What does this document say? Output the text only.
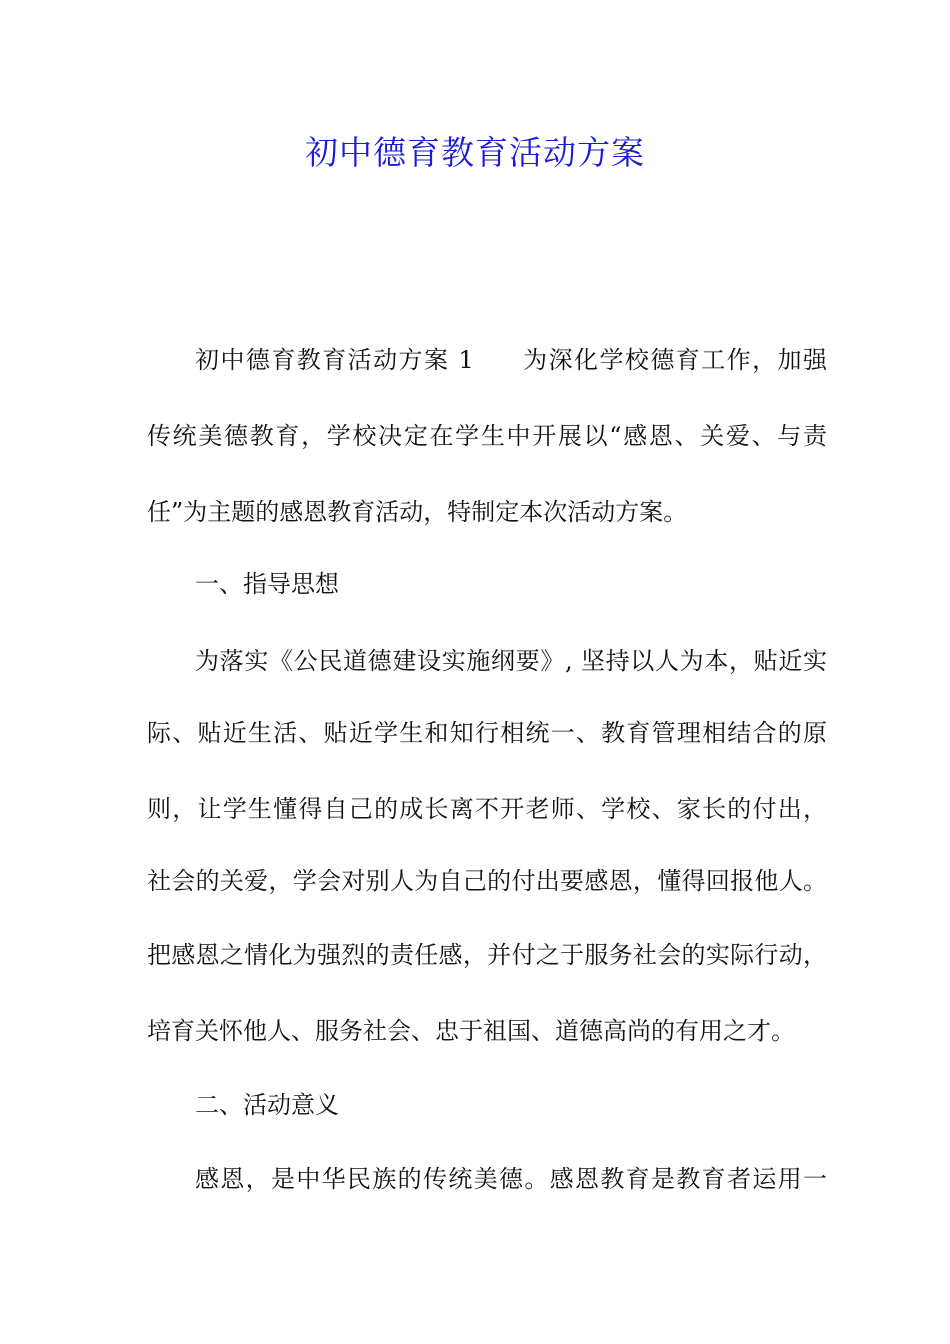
初中德育教育活动方案
初中德育教育活动方案 1 为深化学校德育工作，加强
传统美德教育，学校决定在学生中开展以“感恩、关爱、与责
任”为主题的感恩教育活动，特制定本次活动方案。
一、指导思想
为落实《公民道德建设实施纲要》, 坚持以人为本，贴近实
际、贴近生活、贴近学生和知行相统一、教育管理相结合的原
则，让学生懂得自己的成长离不开老师、学校、家长的付出，
社会的关爱，学会对别人为自己的付出要感恩，懂得回报他人。
把感恩之情化为强烈的责任感，并付之于服务社会的实际行动，
培育关怀他人、服务社会、忠于祖国、道德高尚的有用之才。
二、活动意义
感恩，是中华民族的传统美德。感恩教育是教育者运用一
